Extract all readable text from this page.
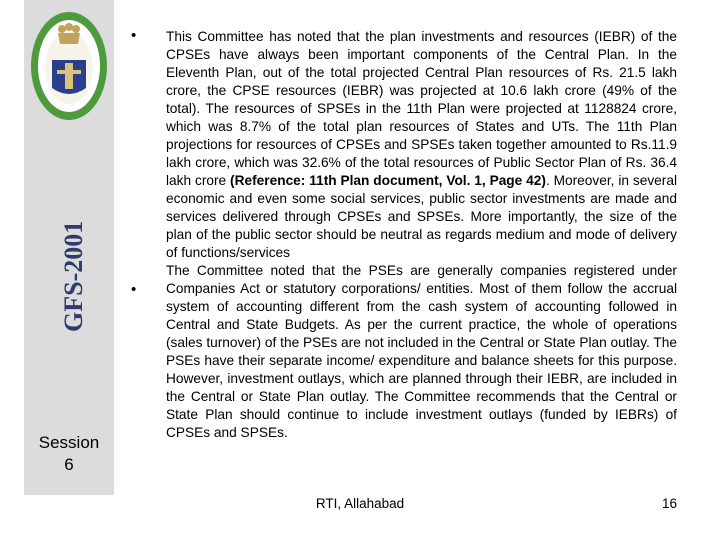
GFS-2001
Session
6
•
•

This Committee has noted that the plan investments and resources (IEBR) of the CPSEs have always been important components of the Central Plan. In the Eleventh Plan, out of the total projected Central Plan resources of Rs. 21.5 lakh crore, the CPSE resources (IEBR) was projected at 10.6 lakh crore (49% of the total). The resources of SPSEs in the 11th Plan were projected at 1128824 crore, which was 8.7% of the total plan resources of States and UTs. The 11th Plan projections for resources of CPSEs and SPSEs taken together amounted to Rs.11.9 lakh crore, which was 32.6% of the total resources of Public Sector Plan of Rs. 36.4 lakh crore (Reference: 11th Plan document, Vol. 1, Page 42). Moreover, in several economic and even some social services, public sector investments are made and services delivered through CPSEs and SPSEs. More importantly, the size of the plan of the public sector should be neutral as regards medium and mode of delivery of functions/services

The Committee noted that the PSEs are generally companies registered under Companies Act or statutory corporations/ entities. Most of them follow the accrual system of accounting different from the cash system of accounting followed in Central and State Budgets. As per the current practice, the whole of operations (sales turnover) of the PSEs are not included in the Central or State Plan outlay. The PSEs have their separate income/ expenditure and balance sheets for this purpose. However, investment outlays, which are planned through their IEBR, are included in the Central or State Plan outlay. The Committee recommends that the Central or State Plan should continue to include investment outlays (funded by IEBRs) of CPSEs and SPSEs.

RTI, Allahabad	16
